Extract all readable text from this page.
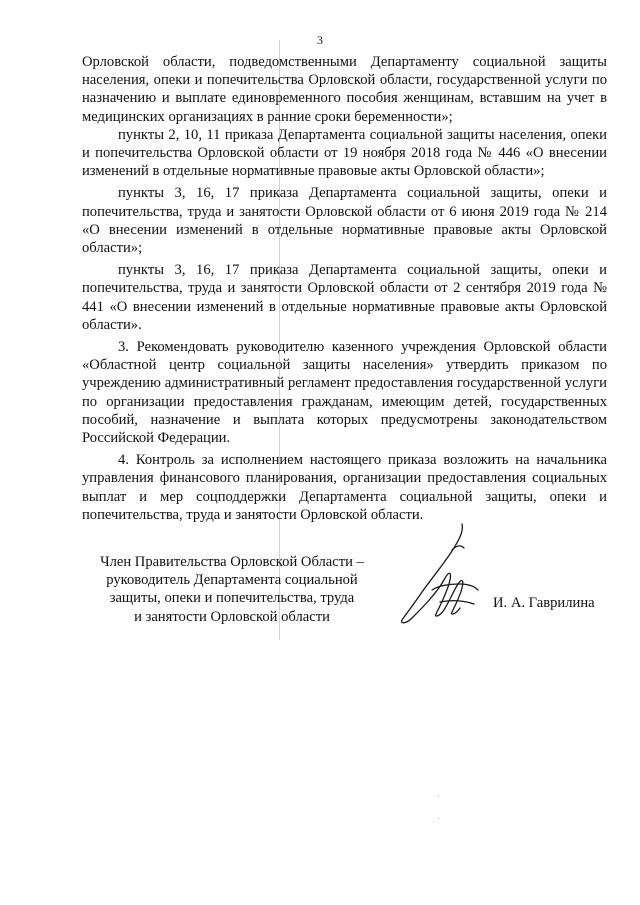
3

Орловской области, подведомственными Департаменту социальной защиты населения, опеки и попечительства Орловской области, государственной услуги по назначению и выплате единовременного пособия женщинам, вставшим на учет в медицинских организациях в ранние сроки беременности»;

пункты 2, 10, 11 приказа Департамента социальной защиты населения, опеки и попечительства Орловской области от 19 ноября 2018 года № 446 «О внесении изменений в отдельные нормативные правовые акты Орловской области»;

пункты 3, 16, 17 приказа Департамента социальной защиты, опеки и попечительства, труда и занятости Орловской области от 6 июня 2019 года № 214 «О внесении изменений в отдельные нормативные правовые акты Орловской области»;

пункты 3, 16, 17 приказа Департамента социальной защиты, опеки и попечительства, труда и занятости Орловской области от 2 сентября 2019 года № 441 «О внесении изменений в отдельные нормативные правовые акты Орловской области».

3. Рекомендовать руководителю казенного учреждения Орловской области «Областной центр социальной защиты населения» утвердить приказом по учреждению административный регламент предоставления государственной услуги по организации предоставления гражданам, имеющим детей, государственных пособий, назначение и выплата которых предусмотрены законодательством Российской Федерации.

4. Контроль за исполнением настоящего приказа возложить на начальника управления финансового планирования, организации предоставления социальных выплат и мер соцподдержки Департамента социальной защиты, опеки и попечительства, труда и занятости Орловской области.

Член Правительства Орловской Области –
руководитель Департамента социальной
защиты, опеки и попечительства, труда
и занятости Орловской области
И. А. Гаврилина
